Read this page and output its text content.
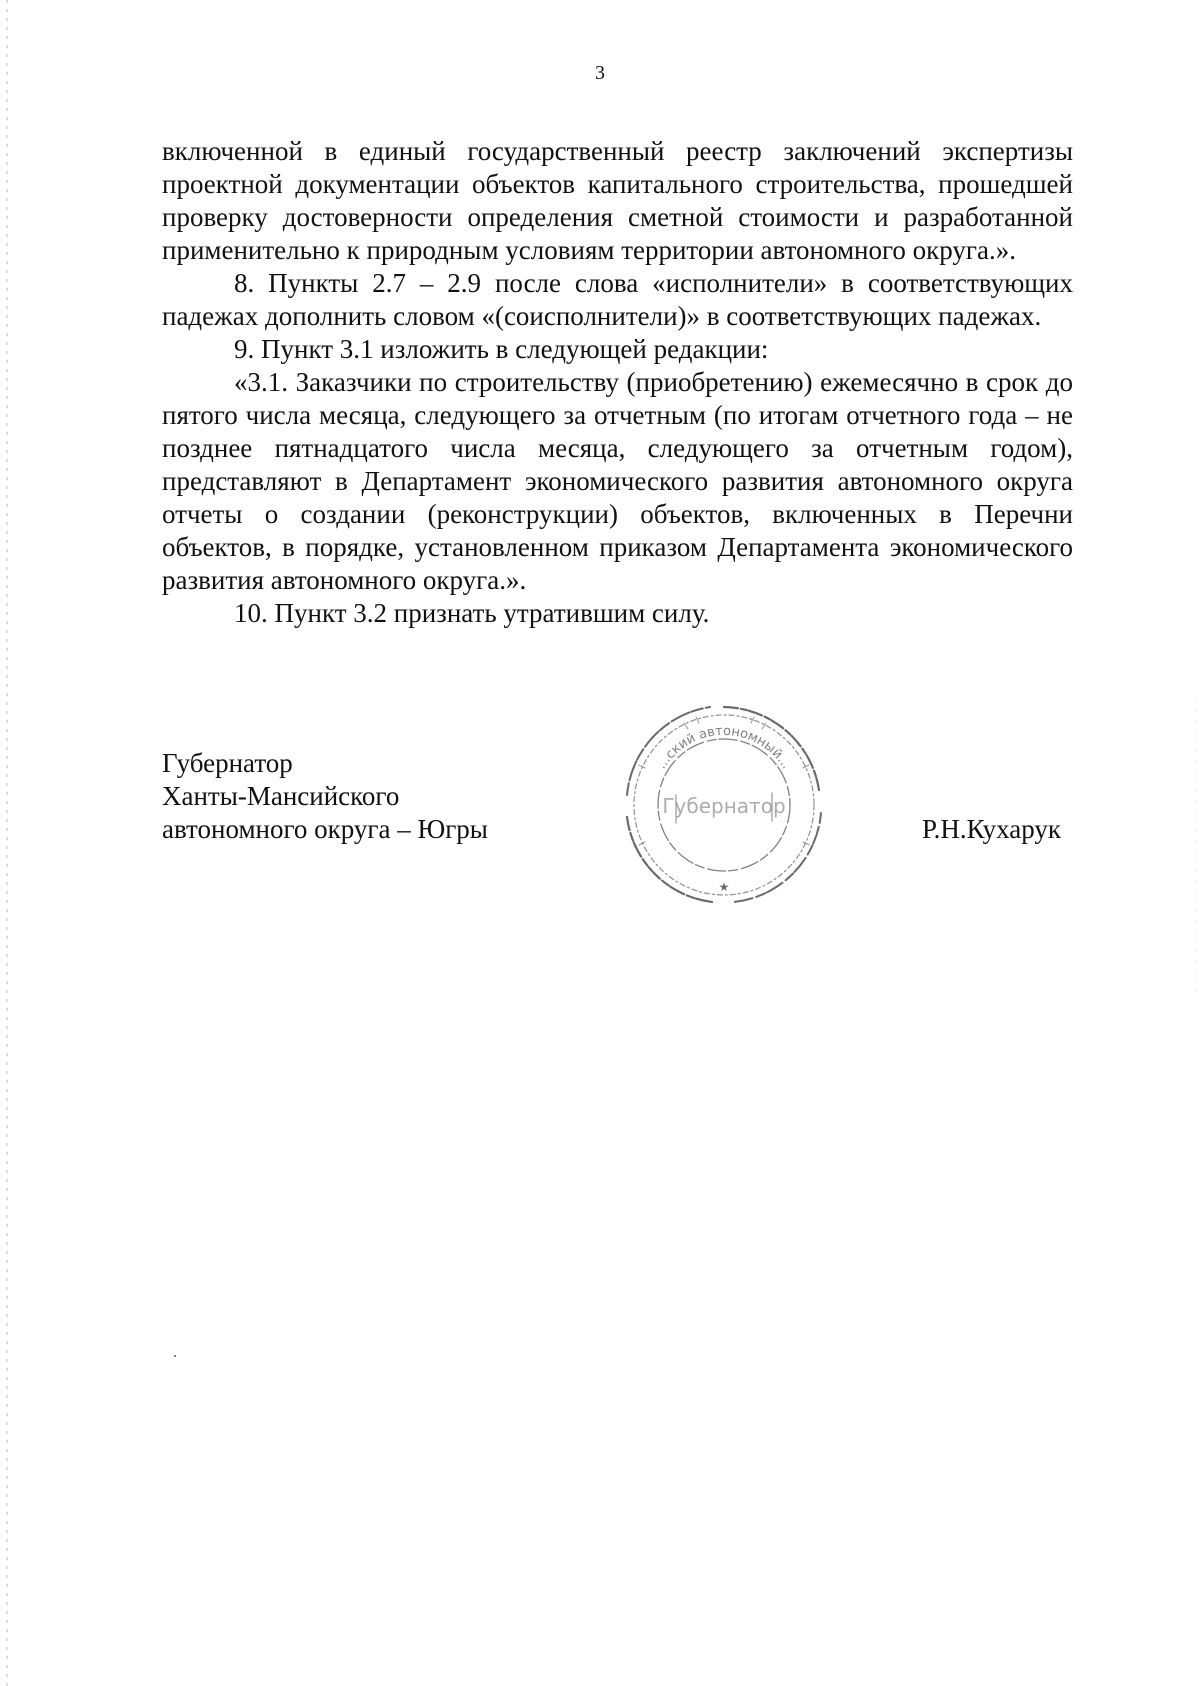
3

включенной в единый государственный реестр заключений экспертизы проектной документации объектов капитального строительства, прошедшей проверку достоверности определения сметной стоимости и разработанной применительно к природным условиям территории автономного округа.».

8. Пункты 2.7 – 2.9 после слова «исполнители» в соответствующих падежах дополнить словом «(соисполнители)» в соответствующих падежах.

9. Пункт 3.1 изложить в следующей редакции:

«3.1. Заказчики по строительству (приобретению) ежемесячно в срок до пятого числа месяца, следующего за отчетным (по итогам отчетного года – не позднее пятнадцатого числа месяца, следующего за отчетным годом), представляют в Департамент экономического развития автономного округа отчеты о создании (реконструкции) объектов, включенных в Перечни объектов, в порядке, установленном приказом Департамента экономического развития автономного округа.».

10. Пункт 3.2 признать утратившим силу.

Губернатор
Ханты-Мансийского
автономного округа – Югры
...ский автономный...
Губернатор
★
Р.Н.Кухарук
